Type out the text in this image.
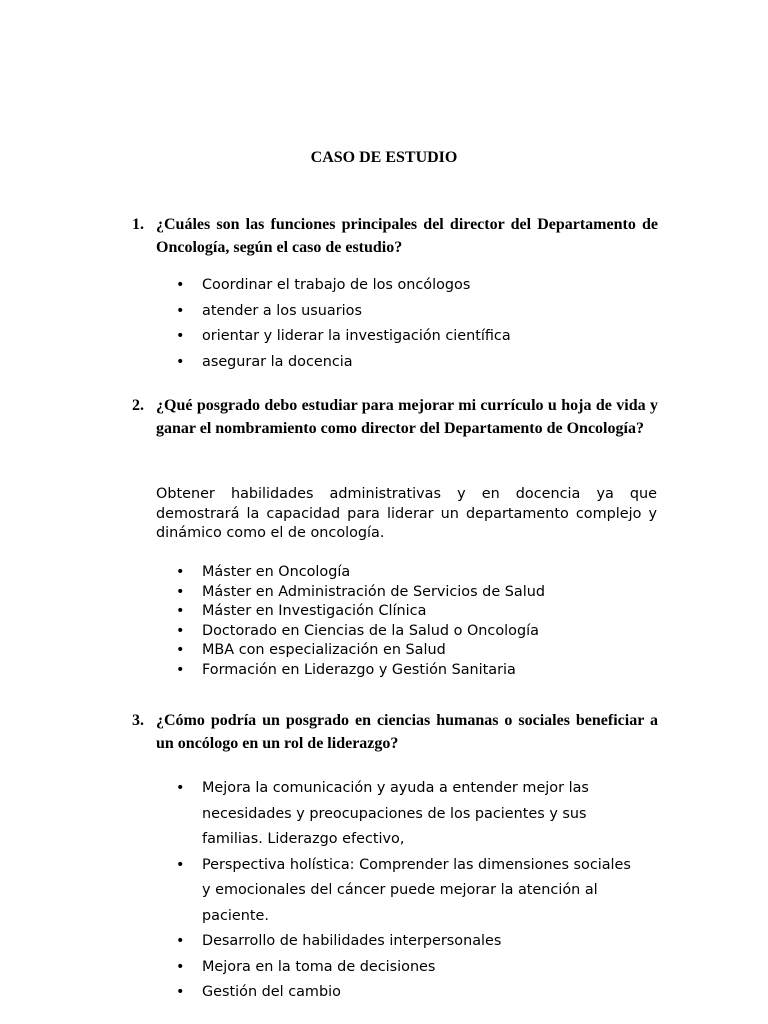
CASO DE ESTUDIO
1. ¿Cuáles son las funciones principales del director del Departamento de Oncología, según el caso de estudio?
• Coordinar el trabajo de los oncólogos
• atender a los usuarios
• orientar y liderar la investigación científica
• asegurar la docencia
2. ¿Qué posgrado debo estudiar para mejorar mi currículo u hoja de vida y ganar el nombramiento como director del Departamento de Oncología?
Obtener habilidades administrativas y en docencia ya que demostrará la capacidad para liderar un departamento complejo y dinámico como el de oncología.
• Máster en Oncología
• Máster en Administración de Servicios de Salud
• Máster en Investigación Clínica
• Doctorado en Ciencias de la Salud o Oncología
• MBA con especialización en Salud
• Formación en Liderazgo y Gestión Sanitaria
3. ¿Cómo podría un posgrado en ciencias humanas o sociales beneficiar a un oncólogo en un rol de liderazgo?
• Mejora la comunicación y ayuda a entender mejor las necesidades y preocupaciones de los pacientes y sus familias. Liderazgo efectivo,
• Perspectiva holística: Comprender las dimensiones sociales y emocionales del cáncer puede mejorar la atención al paciente.
• Desarrollo de habilidades interpersonales
• Mejora en la toma de decisiones
• Gestión del cambio
